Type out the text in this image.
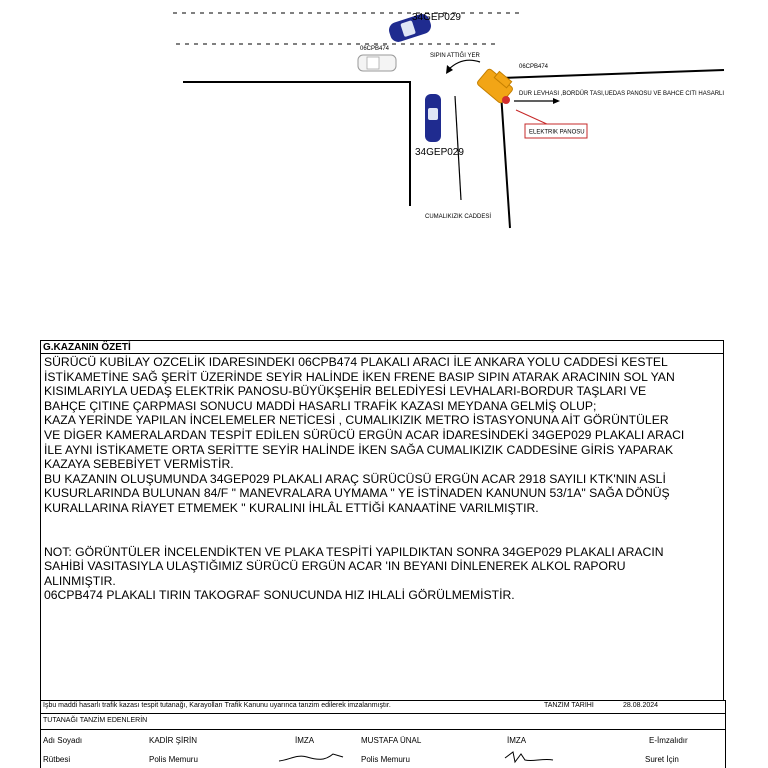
34GEP029
06CPB474
SIPIN ATTIĞI YER
06CPB474
DUR LEVHASI ,BORDÜR TASI,UEDAS PANOSU VE BAHCE CITI HASARLI
ELEKTRIK PANOSU
34GEP029
CUMALIKIZIK CADDESİ
G.KAZANIN ÖZETİ

SÜRÜCÜ KUBİLAY OZCELİK IDARESINDEKI 06CPB474 PLAKALI ARACI İLE ANKARA YOLU CADDESİ KESTEL

İSTİKAMETİNE SAĞ ŞERİT ÜZERİNDE SEYİR HALİNDE İKEN FRENE BASIP SIPIN ATARAK ARACININ SOL YAN

KISIMLARIYLA UEDAŞ ELEKTRİK PANOSU-BÜYÜKŞEHİR BELEDİYESİ LEVHALARI-BORDUR TAŞLARI VE

BAHÇE ÇITINE ÇARPMASI SONUCU MADDİ HASARLI TRAFİK KAZASI MEYDANA GELMİŞ OLUP;

KAZA YERİNDE YAPILAN İNCELEMELER NETİCESİ , CUMALIKIZIK METRO İSTASYONUNA AİT GÖRÜNTÜLER

VE DİGER KAMERALARDAN TESPİT EDİLEN SÜRÜCÜ ERGÜN ACAR İDARESİNDEKİ 34GEP029 PLAKALI ARACI

İLE AYNI İSTİKAMETE ORTA SERİTTE SEYİR HALİNDE İKEN SAĞA CUMALIKIZIK CADDESİNE GİRİS YAPARAK

KAZAYA SEBEBİYET VERMİSTİR.

BU KAZANIN OLUŞUMUNDA 34GEP029 PLAKALI ARAÇ SÜRÜCÜSÜ ERGÜN ACAR 2918 SAYILI KTK'NIN ASLİ

KUSURLARINDA BULUNAN 84/F " MANEVRALARA UYMAMA " YE İSTİNADEN KANUNUN 53/1A" SAĞA DÖNÜŞ

KURALLARINA RİAYET ETMEMEK " KURALINI İHLÂL ETTİĞİ KANAATİNE VARILMIŞTIR.

NOT: GÖRÜNTÜLER İNCELENDİKTEN VE PLAKA TESPİTİ YAPILDIKTAN SONRA 34GEP029 PLAKALI ARACIN

SAHİBİ VASITASIYLA ULAŞTIĞIMIZ SÜRÜCÜ ERGÜN ACAR 'IN BEYANI DİNLENEREK ALKOL RAPORU

ALINMIŞTIR.

06CPB474 PLAKALI TIRIN TAKOGRAF SONUCUNDA HIZ IHLALİ GÖRÜLMEMİSTİR.

İşbu maddi hasarlı trafik kazası tespit tutanağı, Karayolları Trafik Kanunu uyarınca tanzim edilerek imzalanmıştır.	TANZİM TARİHİ	28.08.2024
TUTANAĞI TANZİM EDENLERİN
Adı Soyadı	KADİR ŞİRİN	İMZA	MUSTAFA ÜNAL	İMZA	E-İmzalıdır
Rütbesi	Polis Memuru	Polis Memuru	Suret İçin
